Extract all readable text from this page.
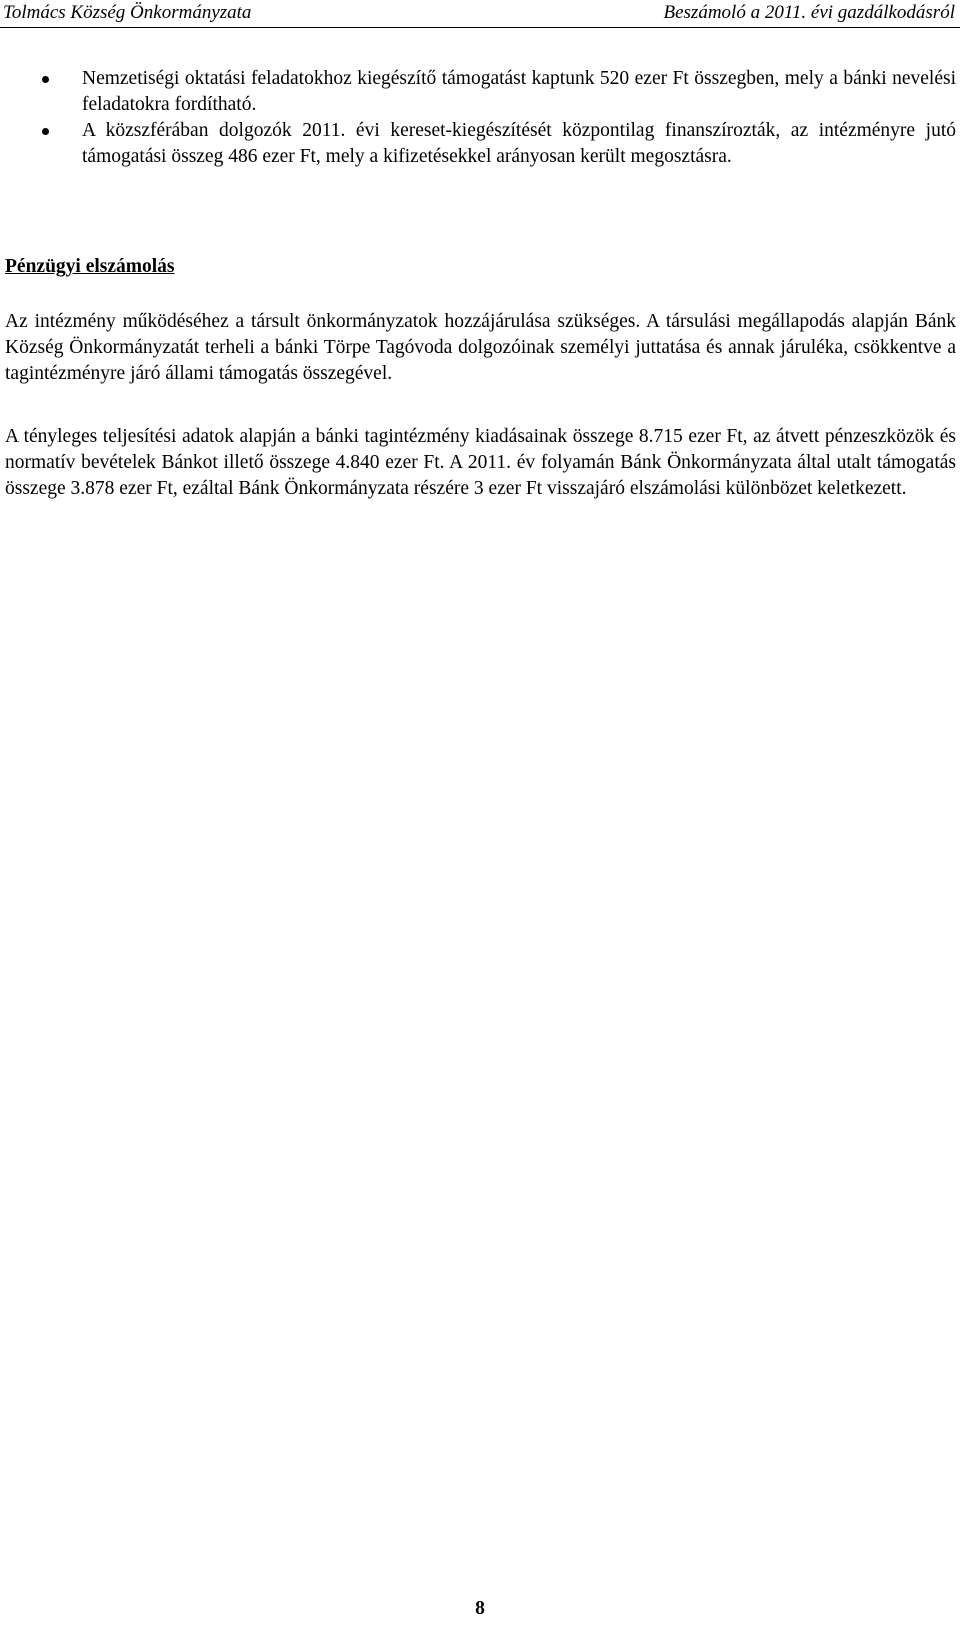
Tolmács Község Önkormányzata	Beszámoló a 2011. évi gazdálkodásról
Nemzetiségi oktatási feladatokhoz kiegészítő támogatást kaptunk 520 ezer Ft összegben, mely a bánki nevelési feladatokra fordítható.
A közszférában dolgozók 2011. évi kereset-kiegészítését központilag finanszírozták, az intézményre jutó támogatási összeg 486 ezer Ft, mely a kifizetésekkel arányosan került megosztásra.
Pénzügyi elszámolás

Az intézmény működéséhez a társult önkormányzatok hozzájárulása szükséges. A társulási megállapodás alapján Bánk Község Önkormányzatát terheli a bánki Törpe Tagóvoda dolgozóinak személyi juttatása és annak járuléka, csökkentve a tagintézményre járó állami támogatás összegével.

A tényleges teljesítési adatok alapján a bánki tagintézmény kiadásainak összege 8.715 ezer Ft, az átvett pénzeszközök és normatív bevételek Bánkot illető összege 4.840 ezer Ft. A 2011. év folyamán Bánk Önkormányzata által utalt támogatás összege 3.878 ezer Ft, ezáltal Bánk Önkormányzata részére 3 ezer Ft visszajáró elszámolási különbözet keletkezett.

8
